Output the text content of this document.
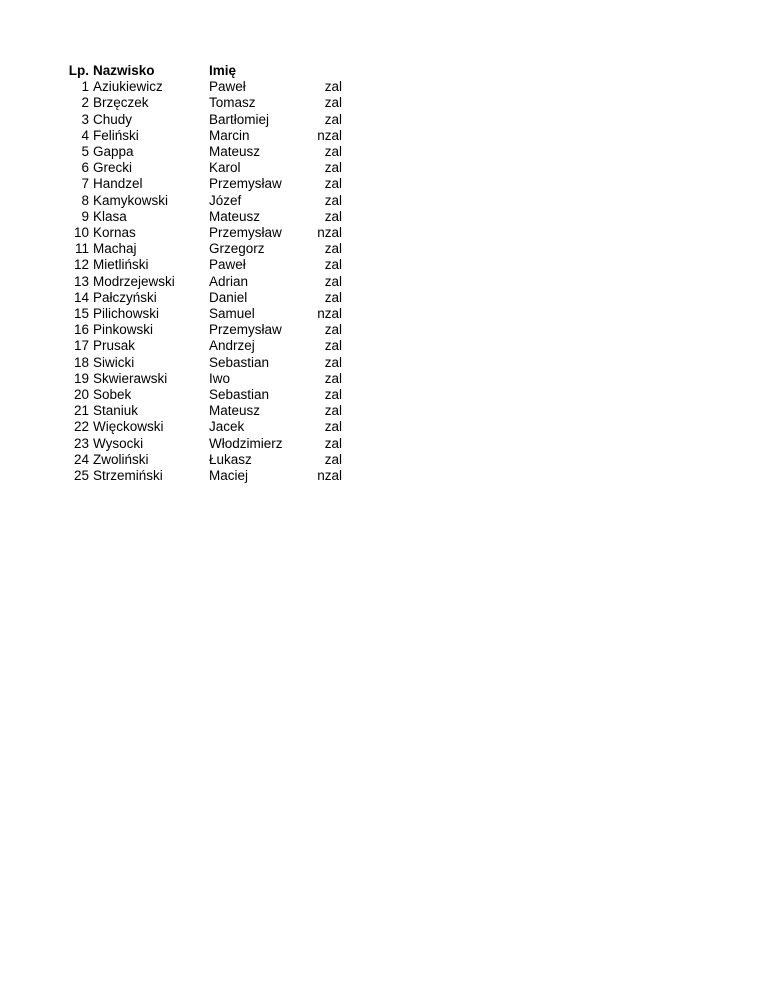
Lp.	Nazwisko	Imię	
1	Aziukiewicz	Paweł	zal
2	Brzęczek	Tomasz	zal
3	Chudy	Bartłomiej	zal
4	Feliński	Marcin	nzal
5	Gappa	Mateusz	zal
6	Grecki	Karol	zal
7	Handzel	Przemysław	zal
8	Kamykowski	Józef	zal
9	Klasa	Mateusz	zal
10	Kornas	Przemysław	nzal
11	Machaj	Grzegorz	zal
12	Mietliński	Paweł	zal
13	Modrzejewski	Adrian	zal
14	Pałczyński	Daniel	zal
15	Pilichowski	Samuel	nzal
16	Pinkowski	Przemysław	zal
17	Prusak	Andrzej	zal
18	Siwicki	Sebastian	zal
19	Skwierawski	Iwo	zal
20	Sobek	Sebastian	zal
21	Staniuk	Mateusz	zal
22	Więckowski	Jacek	zal
23	Wysocki	Włodzimierz	zal
24	Zwoliński	Łukasz	zal
25	Strzemiński	Maciej	nzal
